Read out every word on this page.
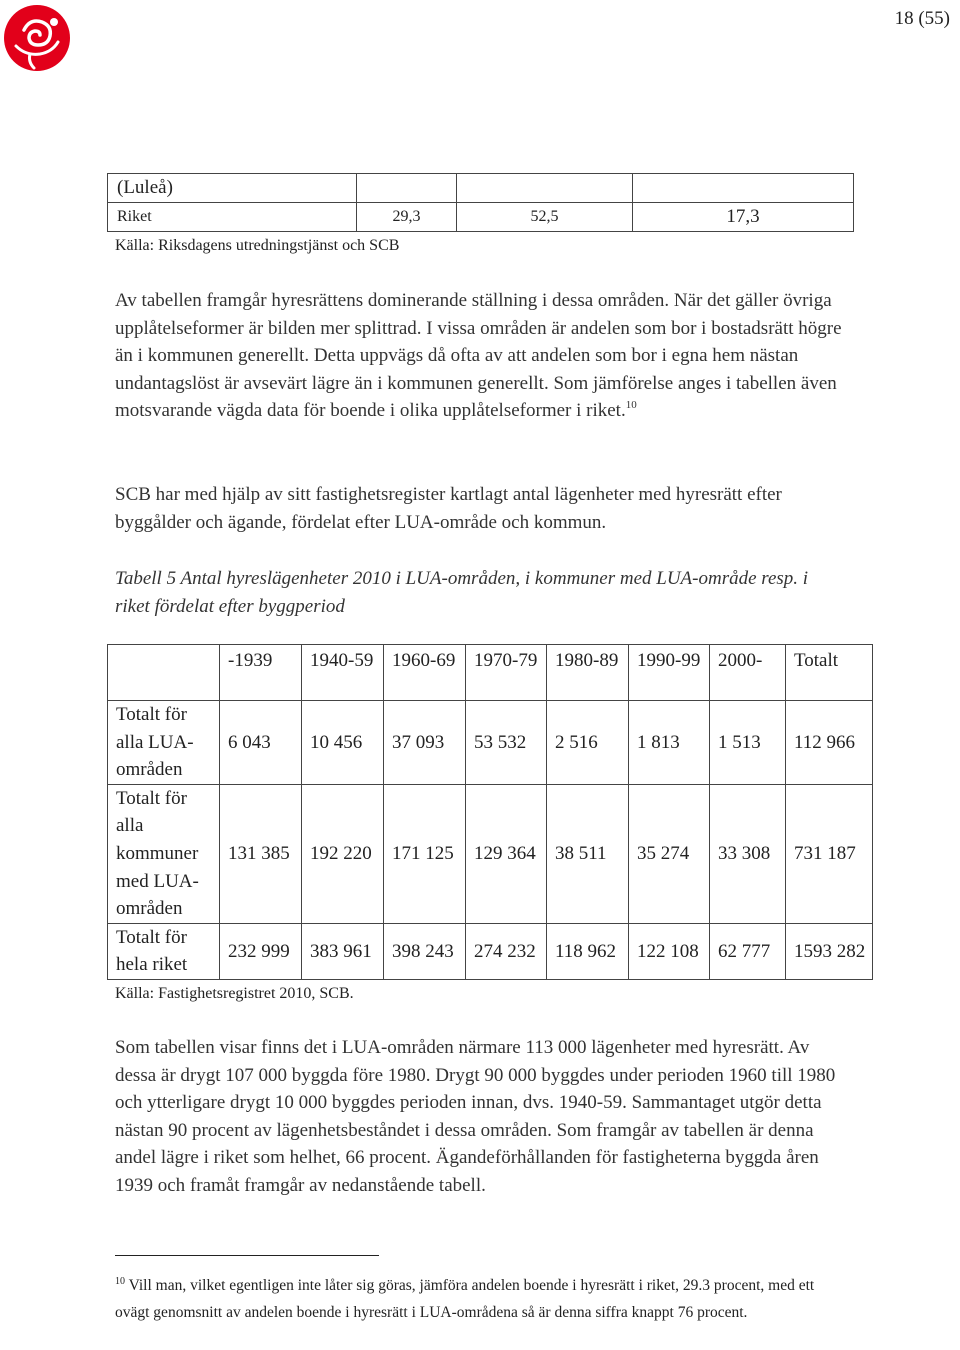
18 (55)
(Luleå)			
Riket	29,3	52,5	17,3
Källa: Riksdagens utredningstjänst och SCB
Av tabellen framgår hyresrättens dominerande ställning i dessa områden. När det gäller övriga upplåtelseformer är bilden mer splittrad. I vissa områden är andelen som bor i bostadsrätt högre än i kommunen generellt. Detta uppvägs då ofta av att andelen som bor i egna hem nästan undantagslöst är avsevärt lägre än i kommunen generellt. Som jämförelse anges i tabellen även motsvarande vägda data för boende i olika upplåtelseformer i riket.$^{10}$
SCB har med hjälp av sitt fastighetsregister kartlagt antal lägenheter med hyresrätt efter byggålder och ägande, fördelat efter LUA-område och kommun.
Tabell 5 Antal hyreslägenheter 2010 i LUA-områden, i kommuner med LUA-område resp. i riket fördelat efter byggperiod
	-1939	1940-59	1960-69	1970-79	1980-89	1990-99	2000-	Totalt
Totalt för alla LUA-områden	6 043	10 456	37 093	53 532	2 516	1 813	1 513	112 966
Totalt för alla kommuner med LUA-områden	131 385	192 220	171 125	129 364	38 511	35 274	33 308	731 187
Totalt för hela riket	232 999	383 961	398 243	274 232	118 962	122 108	62 777	1593 282
Källa: Fastighetsregistret 2010, SCB.
Som tabellen visar finns det i LUA-områden närmare 113 000 lägenheter med hyresrätt. Av dessa är drygt 107 000 byggda före 1980. Drygt 90 000 byggdes under perioden 1960 till 1980 och ytterligare drygt 10 000 byggdes perioden innan, dvs. 1940-59. Sammantaget utgör detta nästan 90 procent av lägenhetsbeståndet i dessa områden. Som framgår av tabellen är denna andel lägre i riket som helhet, 66 procent. Ägandeförhållanden för fastigheterna byggda åren 1939 och framåt framgår av nedanstående tabell.
$^{10}$ Vill man, vilket egentligen inte låter sig göras, jämföra andelen boende i hyresrätt i riket, 29.3 procent, med ett ovägt genomsnitt av andelen boende i hyresrätt i LUA-områdena så är denna siffra knappt 76 procent.
